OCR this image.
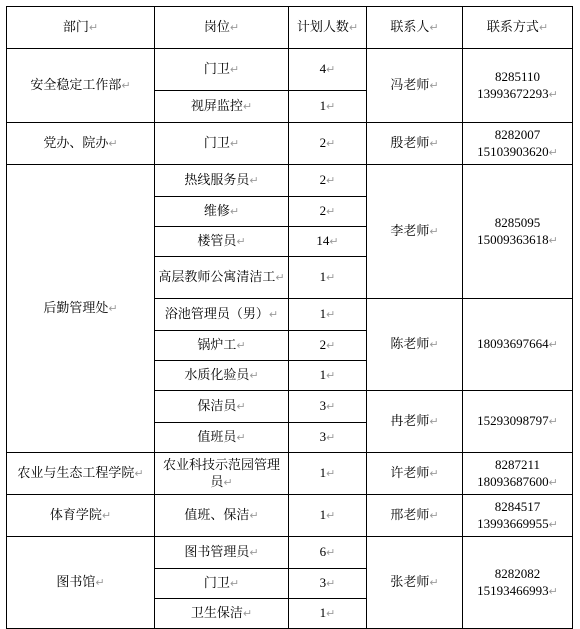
部门↵	岗位↵	计划人数↵	联系人↵	联系方式↵
安全稳定工作部↵	门卫↵	4↵	冯老师↵	8285110
13993672293↵
	视屏监控↵	1↵		
党办、院办↵	门卫↵	2↵	殷老师↵	8282007
15103903620↵
后勤管理处↵	热线服务员↵	2↵	李老师↵	8285095
15009363618↵
	维修↵	2↵		
	楼管员↵	14↵		
	高层教师公寓清洁工↵	1↵		
	浴池管理员（男）↵	1↵	陈老师↵	18093697664↵
	锅炉工↵	2↵		
	水质化验员↵	1↵		
	保洁员↵	3↵	冉老师↵	15293098797↵
	值班员↵	3↵		
农业与生态工程学院↵	农业科技示范园管理员↵	1↵	许老师↵	8287211
18093687600↵
体育学院↵	值班、保洁↵	1↵	邢老师↵	8284517
13993669955↵
图书馆↵	图书管理员↵	6↵	张老师↵	8282082
15193466993↵
	门卫↵	3↵		
	卫生保洁↵	1↵		
